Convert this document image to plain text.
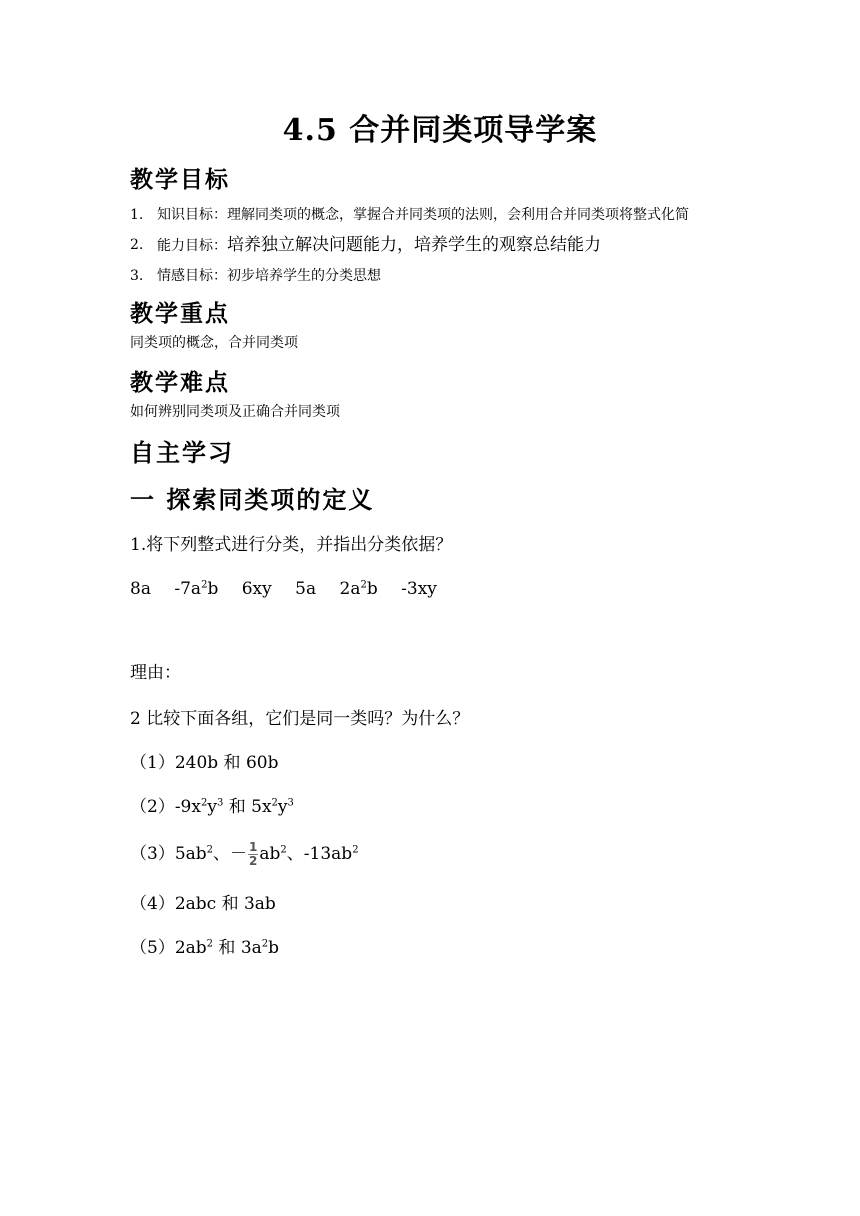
4.5 合并同类项导学案
教学目标
1. 知识目标：理解同类项的概念，掌握合并同类项的法则，会利用合并同类项将整式化简
2. 能力目标：培养独立解决问题能力，培养学生的观察总结能力
3. 情感目标：初步培养学生的分类思想
教学重点
同类项的概念，合并同类项
教学难点
如何辨别同类项及正确合并同类项
自主学习
一 探索同类项的定义

1.将下列整式进行分类，并指出分类依据？

8a $-7a^2b$ 6xy 5a $2a^2b$ -3xy

理由：

2 比较下面各组，它们是同一类吗？为什么？

（1）240b 和 60b

$(2)-9x^2y^3$ 和 $5x^2y^3$

$(3)5ab^2$、－ $\frac{1}{2} ab^2$、$-13ab^2$

（4）2abc 和 3ab

$(5)2ab^2$ 和 $3a^2b$
